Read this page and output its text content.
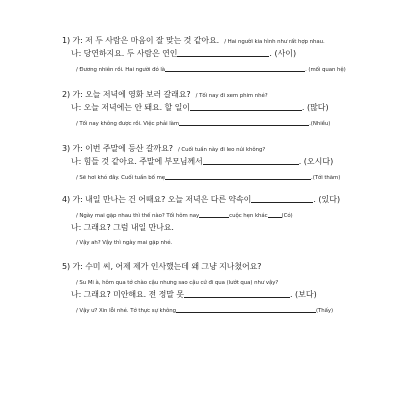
1) 가: 저 두 사람은 마음이 잘 맞는 것 같아요. / Hai người kia hình như rất hợp nhau.
나: 당연하지요. 두 사람은 연인	. (사이)
/ Đương nhiên rồi. Hai người đó là	. (mối quan hệ)
2) 가: 오늘 저녁에 영화 보러 갈래요? / Tối nay đi xem phim nhé?
나: 오늘 저녁에는 안 돼요. 할 일이	. (많다)
/ Tối nay không được rồi. Việc phải làm	.(Nhiều)
3) 가: 이번 주말에 등산 갈까요? / Cuối tuần này đi leo núi không?
나: 힘들 것 같아요. 주말에 부모님께서	. (오시다)
/ Sẽ hơi khó đây. Cuối tuần bố mẹ	.(Tới thăm)
4) 가: 내일 만나는 건 어때요? 오늘 저녁은 다른 약속이	. (있다)
/ Ngày mai gặp nhau thì thế nào? Tối hôm nay	cuộc hẹn khác	(Có)
나: 그래요? 그럼 내일 만나요.
/ Vậy ah? Vậy thì ngày mai gặp nhé.
5) 가: 수미 씨, 어제 제가 인사했는데 왜 그냥 지나쳤어요?
/ Su Mi à, hôm qua tớ chào cậu nhưng sao cậu cứ đi qua (lướt qua) như vậy?
나: 그래요? 미안해요. 전 정말 못	. (보다)
/ Vậy ư? Xin lỗi nhé. Tớ thực sự không	(Thấy)
